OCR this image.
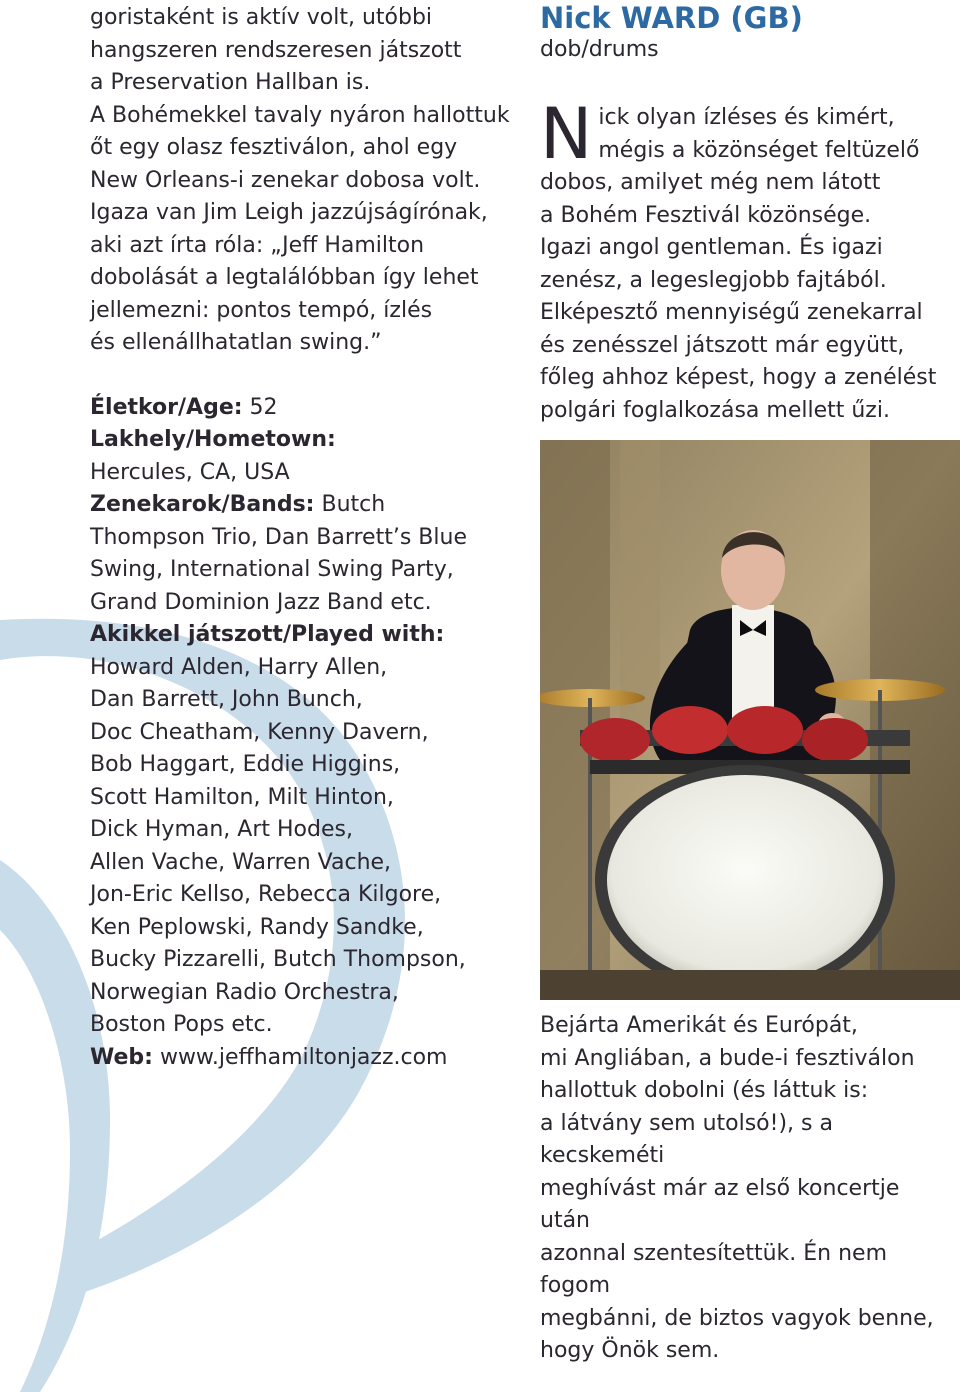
goristaként is aktív volt, utóbbi
hangszeren rendszeresen játszott
a Preservation Hallban is.
A Bohémekkel tavaly nyáron hallottuk
őt egy olasz fesztiválon, ahol egy
New Orleans-i zenekar dobosa volt.
Igaza van Jim Leigh jazzújságírónak,
aki azt írta róla: „Jeff Hamilton
dobolását a legtalálóbban így lehet
jellemezni: pontos tempó, ízlés
és ellenállhatatlan swing.”

Életkor/Age: 52

Lakhely/Hometown:

Hercules, CA, USA

Zenekarok/Bands: Butch
Thompson Trio, Dan Barrett’s Blue
Swing, International Swing Party,
Grand Dominion Jazz Band etc.

Akikkel játszott/Played with:

Howard Alden, Harry Allen,
Dan Barrett, John Bunch,
Doc Cheatham, Kenny Davern,
Bob Haggart, Eddie Higgins,
Scott Hamilton, Milt Hinton,
Dick Hyman, Art Hodes,
Allen Vache, Warren Vache,
Jon-Eric Kellso, Rebecca Kilgore,
Ken Peplowski, Randy Sandke,
Bucky Pizzarelli, Butch Thompson,
Norwegian Radio Orchestra,
Boston Pops etc.

Web: www.jeffhamiltonjazz.com

Nick WARD (GB)

dob/drums

Nick olyan ízléses és kimért,
mégis a közönséget feltüzelő
dobos, amilyet még nem látott
a Bohém Fesztivál közönsége.
Igazi angol gentleman. És igazi
zenész, a legeslegjobb fajtából.
Elképesztő mennyiségű zenekarral
és zenésszel játszott már együtt,
főleg ahhoz képest, hogy a zenélést
polgári foglalkozása mellett űzi.
Bejárta Amerikát és Európát,
mi Angliában, a bude-i fesztiválon
hallottuk dobolni (és láttuk is:
a látvány sem utolsó!), s a kecskeméti
meghívást már az első koncertje után
azonnal szentesítettük. Én nem fogom
megbánni, de biztos vagyok benne,
hogy Önök sem.
